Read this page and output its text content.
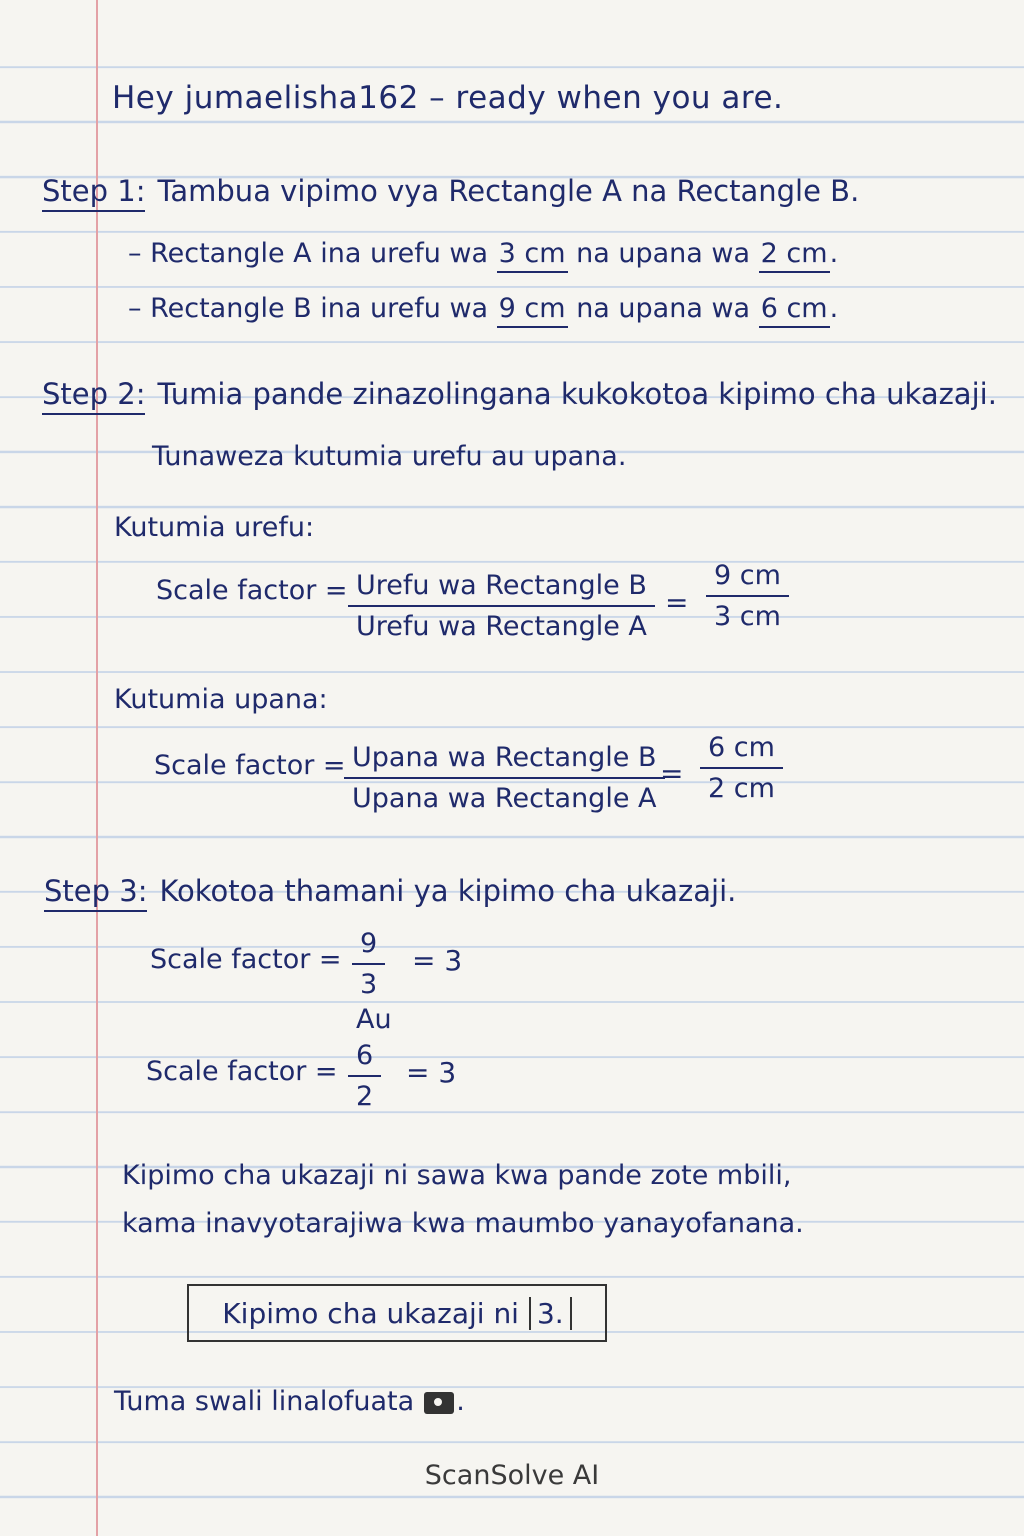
Hey jumaelisha162 – ready when you are.
Step 1: Tambua vipimo vya Rectangle A na Rectangle B.
– Rectangle A ina urefu wa 3 cm na upana wa 2 cm.
– Rectangle B ina urefu wa 9 cm na upana wa 6 cm.
Step 2: Tumia pande zinazolingana kukokotoa kipimo cha ukazaji.
Tunaweza kutumia urefu au upana.
Kutumia urefu:
Scale factor = Urefu wa Rectangle B
Urefu wa Rectangle A
= $\frac{9 cm}{3 cm}$
Kutumia upana:
Scale factor = Upana wa Rectangle B
Upana wa Rectangle A
= $\frac{6 cm}{2 cm}$
Step 3: Kokotoa thamani ya kipimo cha ukazaji.
Scale factor = $\frac{9}{3} = 3$
Au
Scale factor = $\frac{6}{2} = 3$
Kipimo cha ukazaji ni sawa kwa pande zote mbili,
kama inavyotarajiwa kwa maumbo yanayofanana.
Kipimo cha ukazaji ni 3.
Tuma swali linalofuata .
ScanSolve AI
